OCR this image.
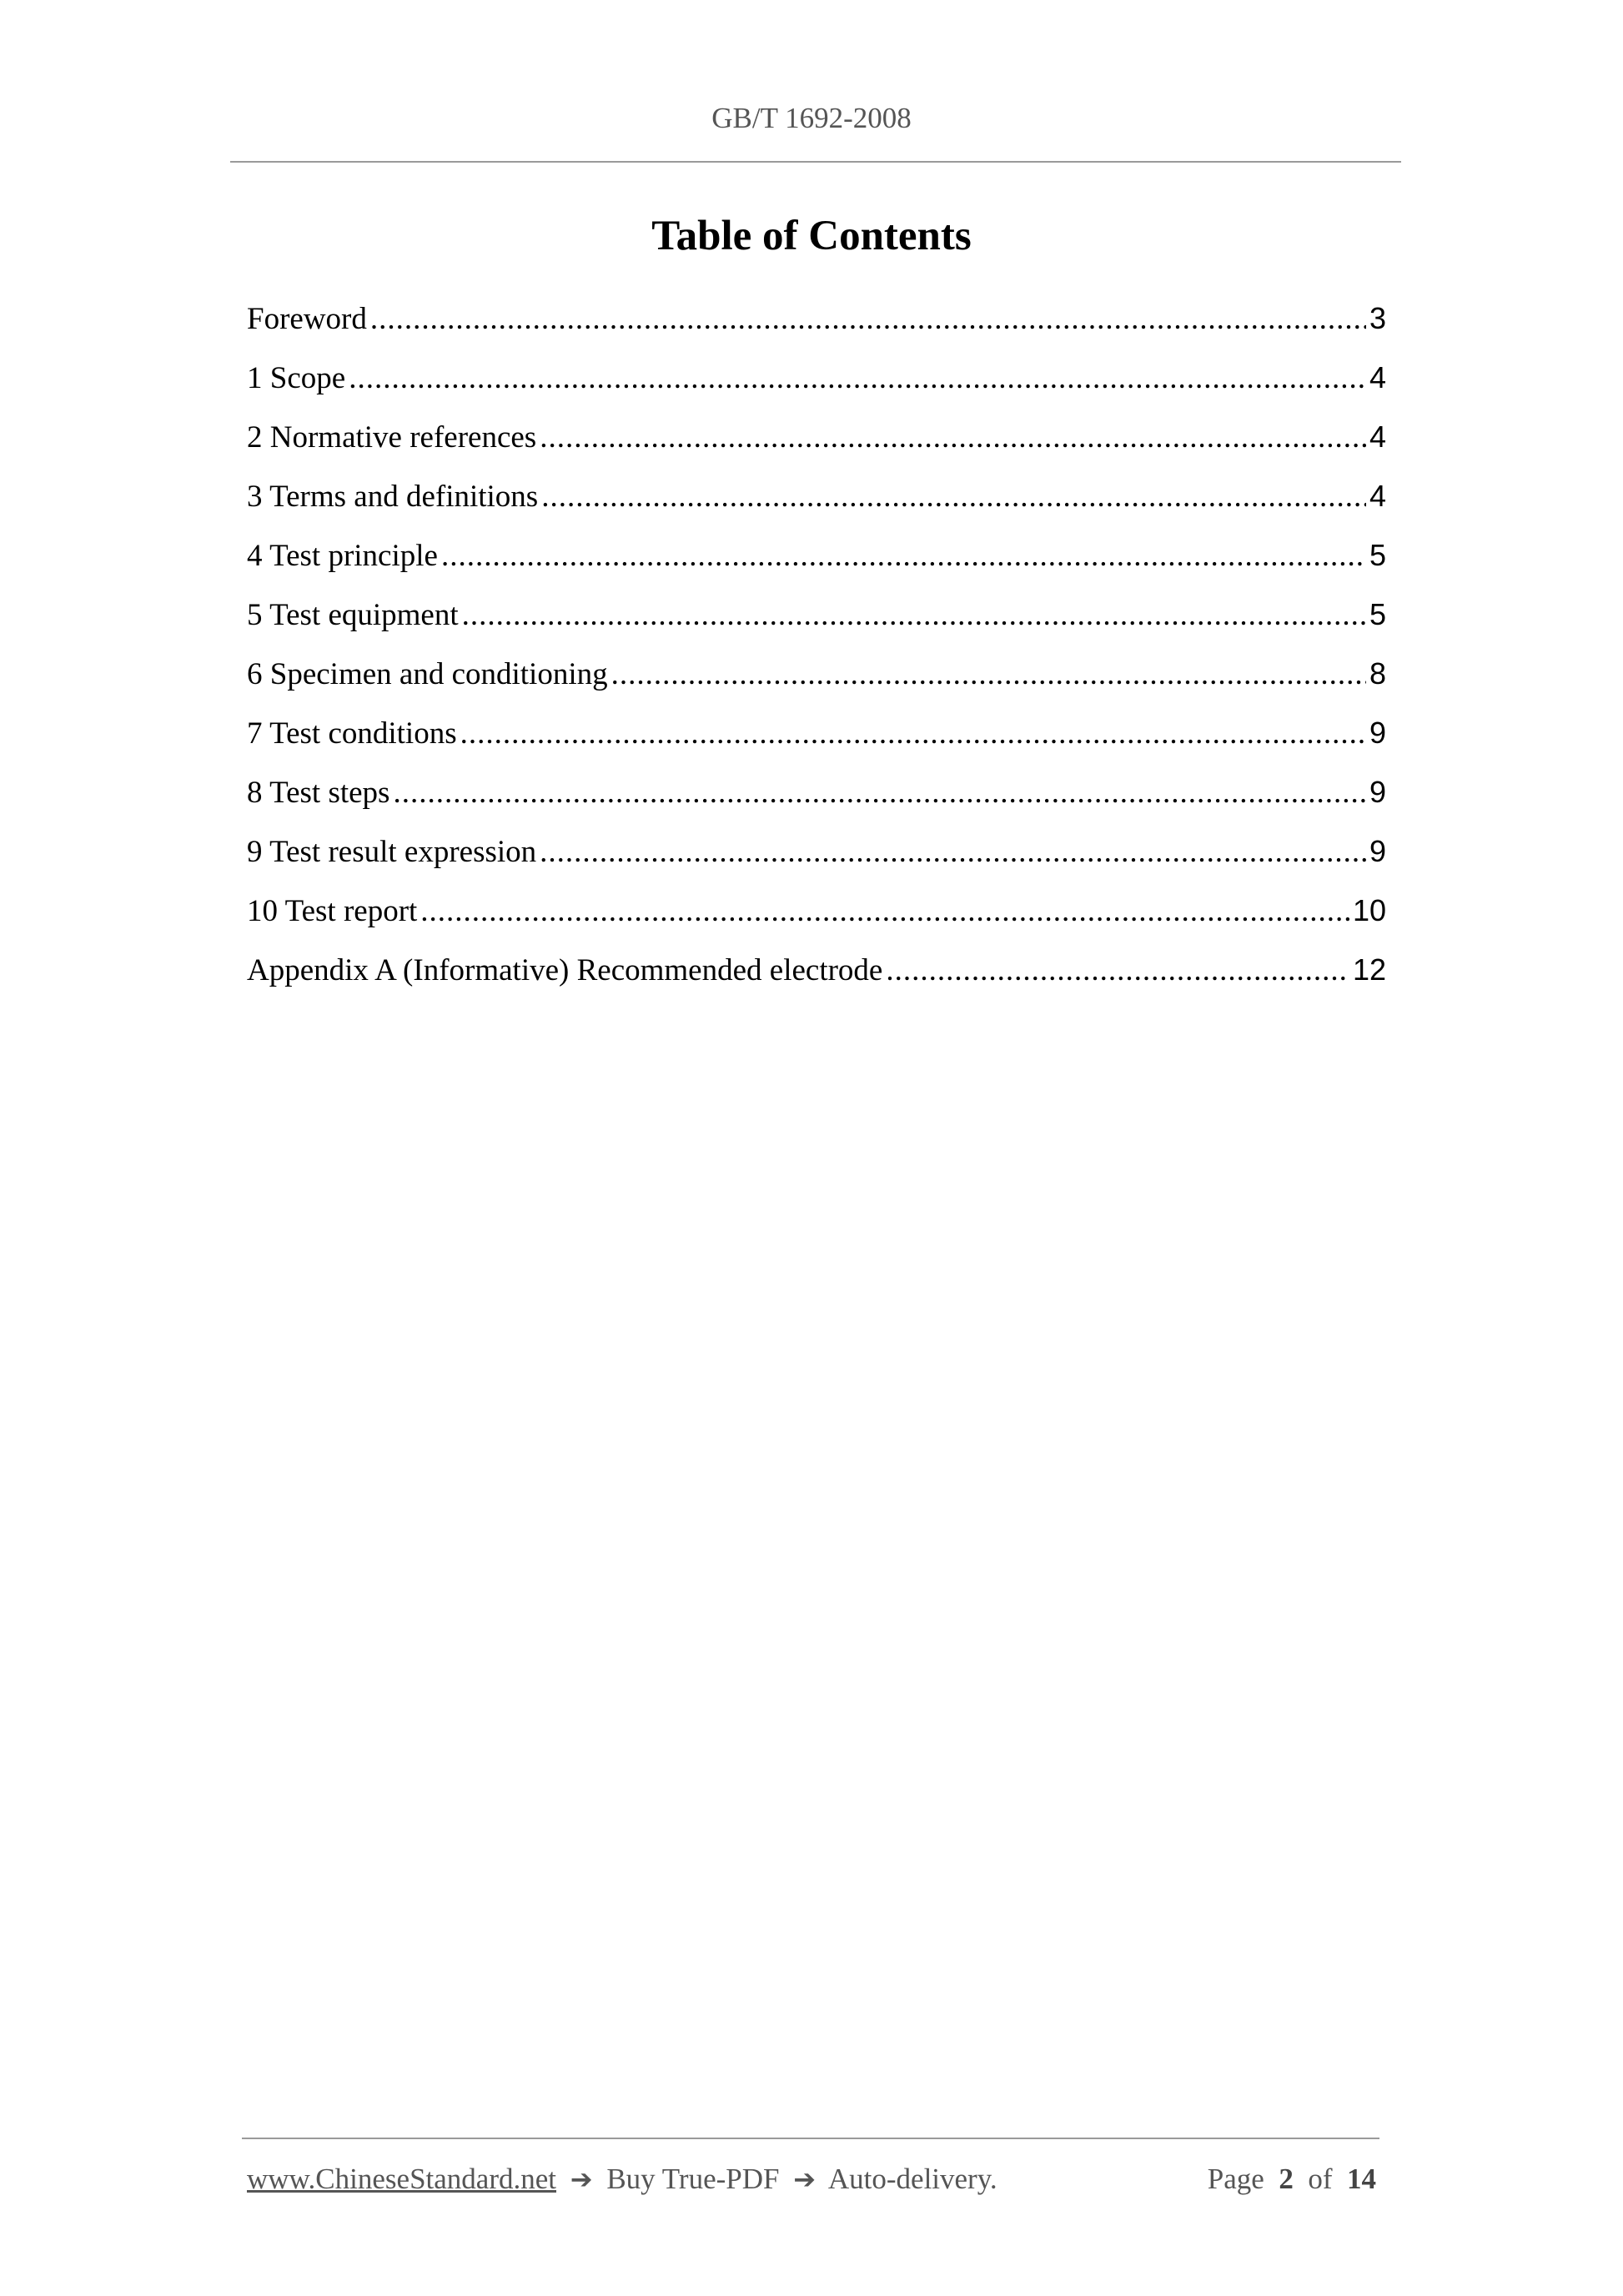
GB/T 1692-2008
Table of Contents
Foreword .....	3
1 Scope .....	4
2 Normative references .....	4
3 Terms and definitions .....	4
4 Test principle .....	5
5 Test equipment .....	5
6 Specimen and conditioning .....	8
7 Test conditions .....	9
8 Test steps .....	9
9 Test result expression .....	9
10 Test report .....	10
Appendix A (Informative) Recommended electrode .....	12
www.ChineseStandard.net ➔ Buy True-PDF ➔ Auto-delivery.	Page 2 of 14
